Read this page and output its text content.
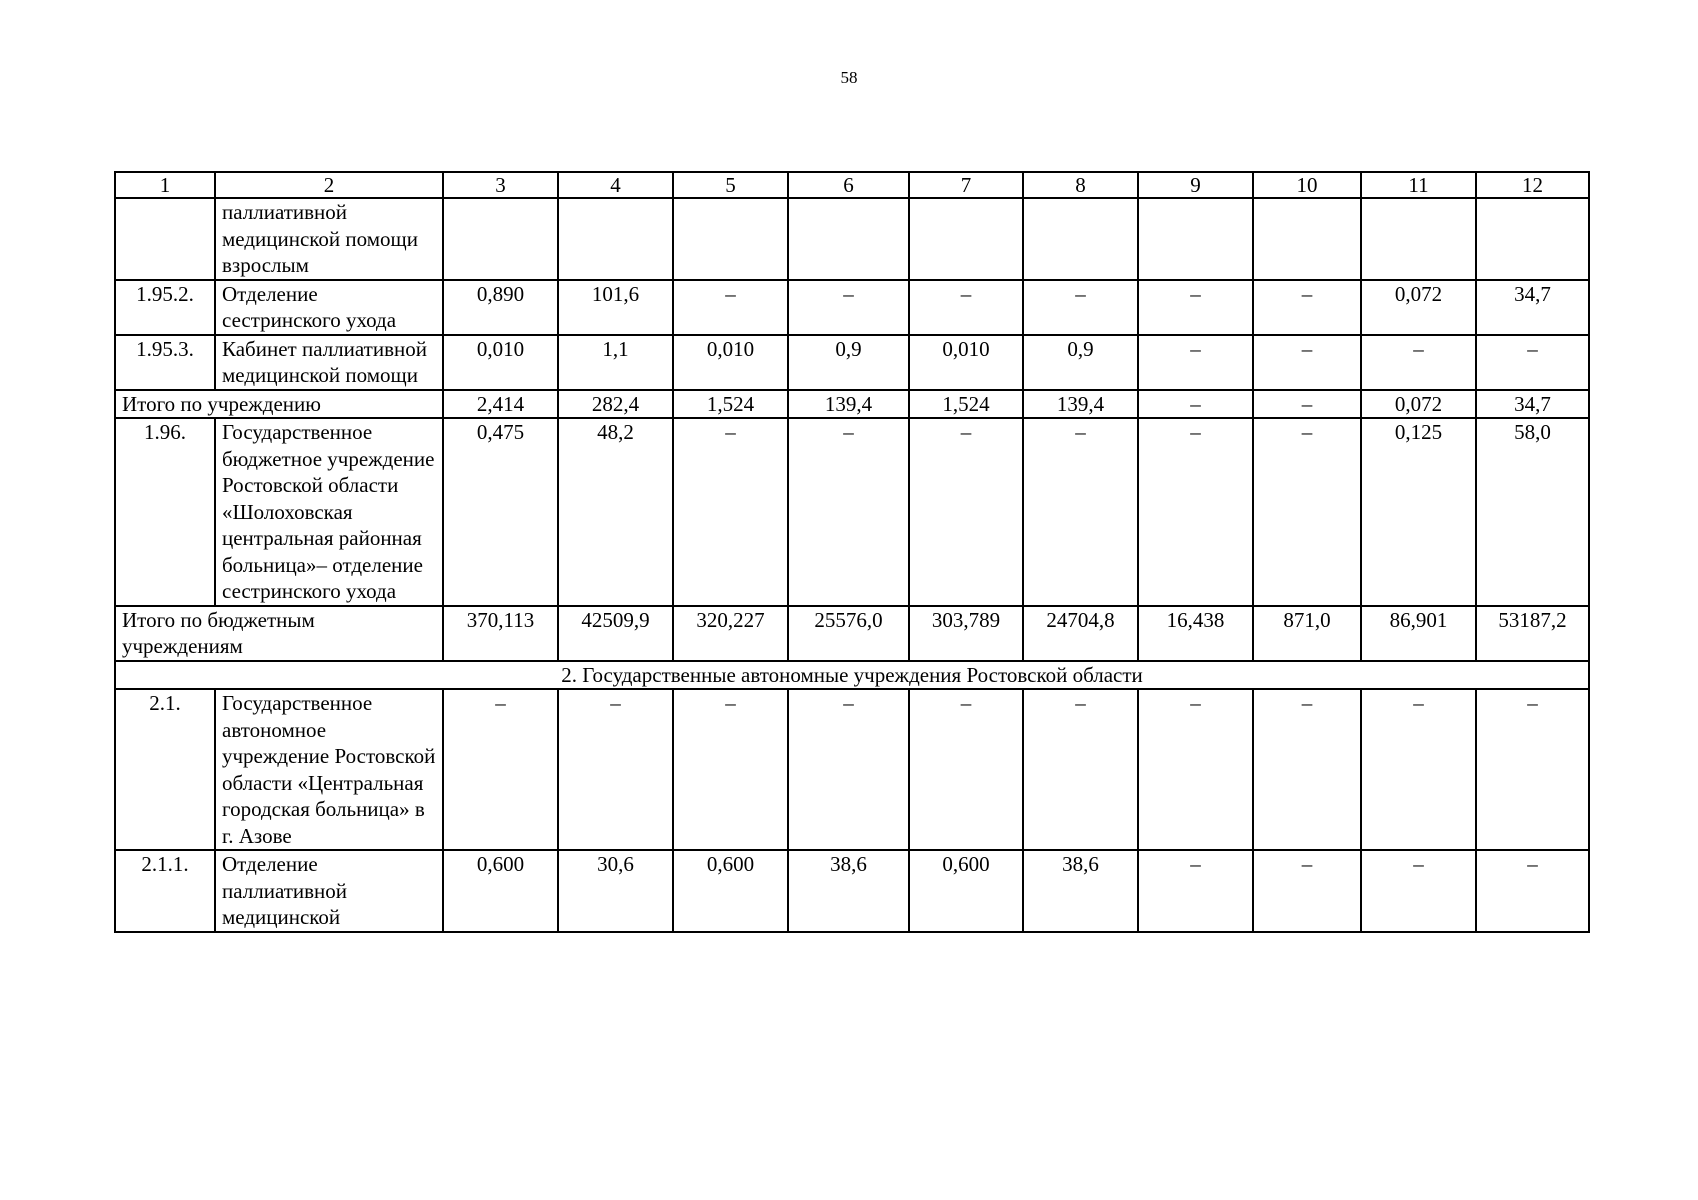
58
1	2	3	4	5	6	7	8	9	10	11	12
	паллиативной медицинской помощи взрослым										
1.95.2.	Отделение сестринского ухода	0,890	101,6	–	–	–	–	–	–	0,072	34,7
1.95.3.	Кабинет паллиативной медицинской помощи	0,010	1,1	0,010	0,9	0,010	0,9	–	–	–	–
Итого по учреждению		2,414	282,4	1,524	139,4	1,524	139,4	–	–	0,072	34,7
1.96.	Государственное бюджетное учреждение Ростовской области «Шолоховская центральная районная больница»– отделение сестринского ухода	0,475	48,2	–	–	–	–	–	–	0,125	58,0
Итого по бюджетным учреждениям		370,113	42509,9	320,227	25576,0	303,789	24704,8	16,438	871,0	86,901	53187,2
2. Государственные автономные учреждения Ростовской области											
2.1.	Государственное автономное учреждение Ростовской области «Центральная городская больница» в г. Азове	–	–	–	–	–	–	–	–	–	–
2.1.1.	Отделение паллиативной медицинской	0,600	30,6	0,600	38,6	0,600	38,6	–	–	–	–
